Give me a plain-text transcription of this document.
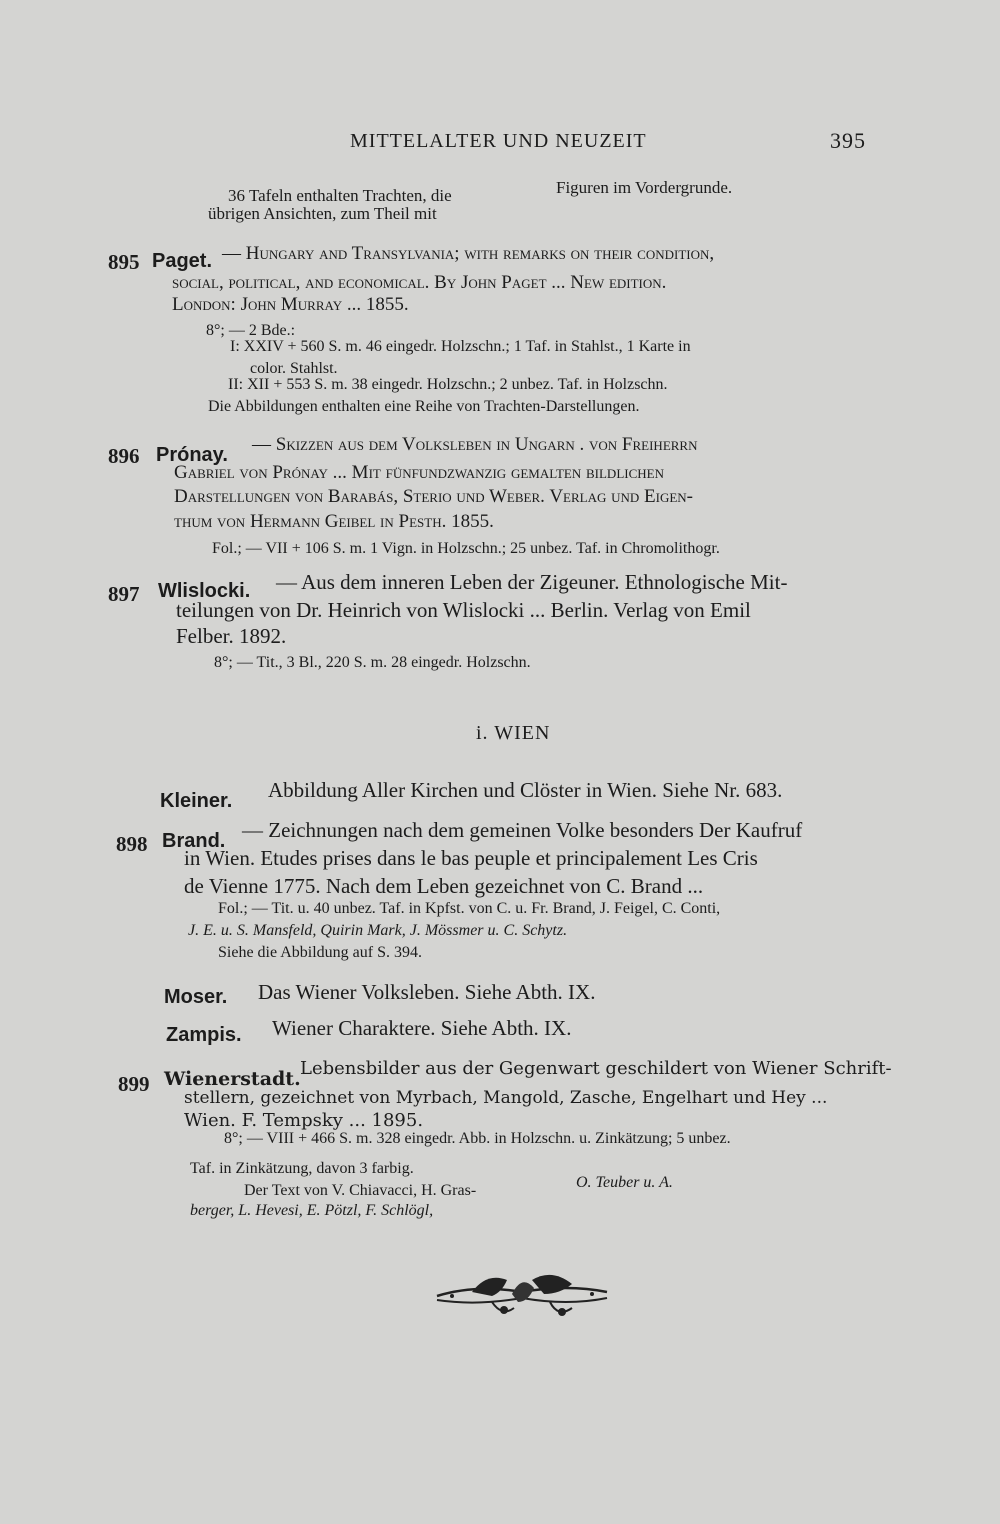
MITTELALTER UND NEUZEIT	395
36 Tafeln enthalten Trachten, die	Figuren im Vordergrunde.
übrigen Ansichten, zum Theil mit
895 Paget. — Hungary and Transylvania; with remarks on their condition,
social, political, and economical. By John Paget ... New edition.
London: John Murray ... 1855.
8°; — 2 Bde.:
I: XXIV + 560 S. m. 46 eingedr. Holzschn.; 1 Taf. in Stahlst., 1 Karte in
color. Stahlst.
II: XII + 553 S. m. 38 eingedr. Holzschn.; 2 unbez. Taf. in Holzschn.
Die Abbildungen enthalten eine Reihe von Trachten-Darstellungen.
896 Prónay. — Skizzen aus dem Volksleben in Ungarn . von Freiherrn
Gabriel von Prónay ... Mit fünfundzwanzig gemalten bildlichen
Darstellungen von Barabás, Sterio und Weber. Verlag und Eigen-
thum von Hermann Geibel in Pesth. 1855.
Fol.; — VII + 106 S. m. 1 Vign. in Holzschn.; 25 unbez. Taf. in Chromolithogr.
897 Wlislocki. — Aus dem inneren Leben der Zigeuner. Ethnologische Mit-
teilungen von Dr. Heinrich von Wlislocki ... Berlin. Verlag von Emil
Felber. 1892.
8°; — Tit., 3 Bl., 220 S. m. 28 eingedr. Holzschn.
i. WIEN
Kleiner. Abbildung Aller Kirchen und Clöster in Wien. Siehe Nr. 683.
898 Brand. — Zeichnungen nach dem gemeinen Volke besonders Der Kaufruf
in Wien. Etudes prises dans le bas peuple et principalement Les Cris
de Vienne 1775. Nach dem Leben gezeichnet von C. Brand ...
Fol.; — Tit. u. 40 unbez. Taf. in Kpfst. von C. u. Fr. Brand, J. Feigel, C. Conti,
J. E. u. S. Mansfeld, Quirin Mark, J. Mössmer u. C. Schytz.
Siehe die Abbildung auf S. 394.
Moser. Das Wiener Volksleben. Siehe Abth. IX.
Zampis. Wiener Charaktere. Siehe Abth. IX.
899 Wienerstadt. Lebensbilder aus der Gegenwart geschildert von Wiener Schrift-
stellern, gezeichnet von Myrbach, Mangold, Zasche, Engelhart und Hey ...
Wien. F. Tempsky ... 1895.
8°; — VIII + 466 S. m. 328 eingedr. Abb. in Holzschn. u. Zinkätzung; 5 unbez.
Taf. in Zinkätzung, davon 3 farbig.
Der Text von V. Chiavacci, H. Gras-	O. Teuber u. A.
berger, L. Hevesi, E. Pötzl, F. Schlögl,
